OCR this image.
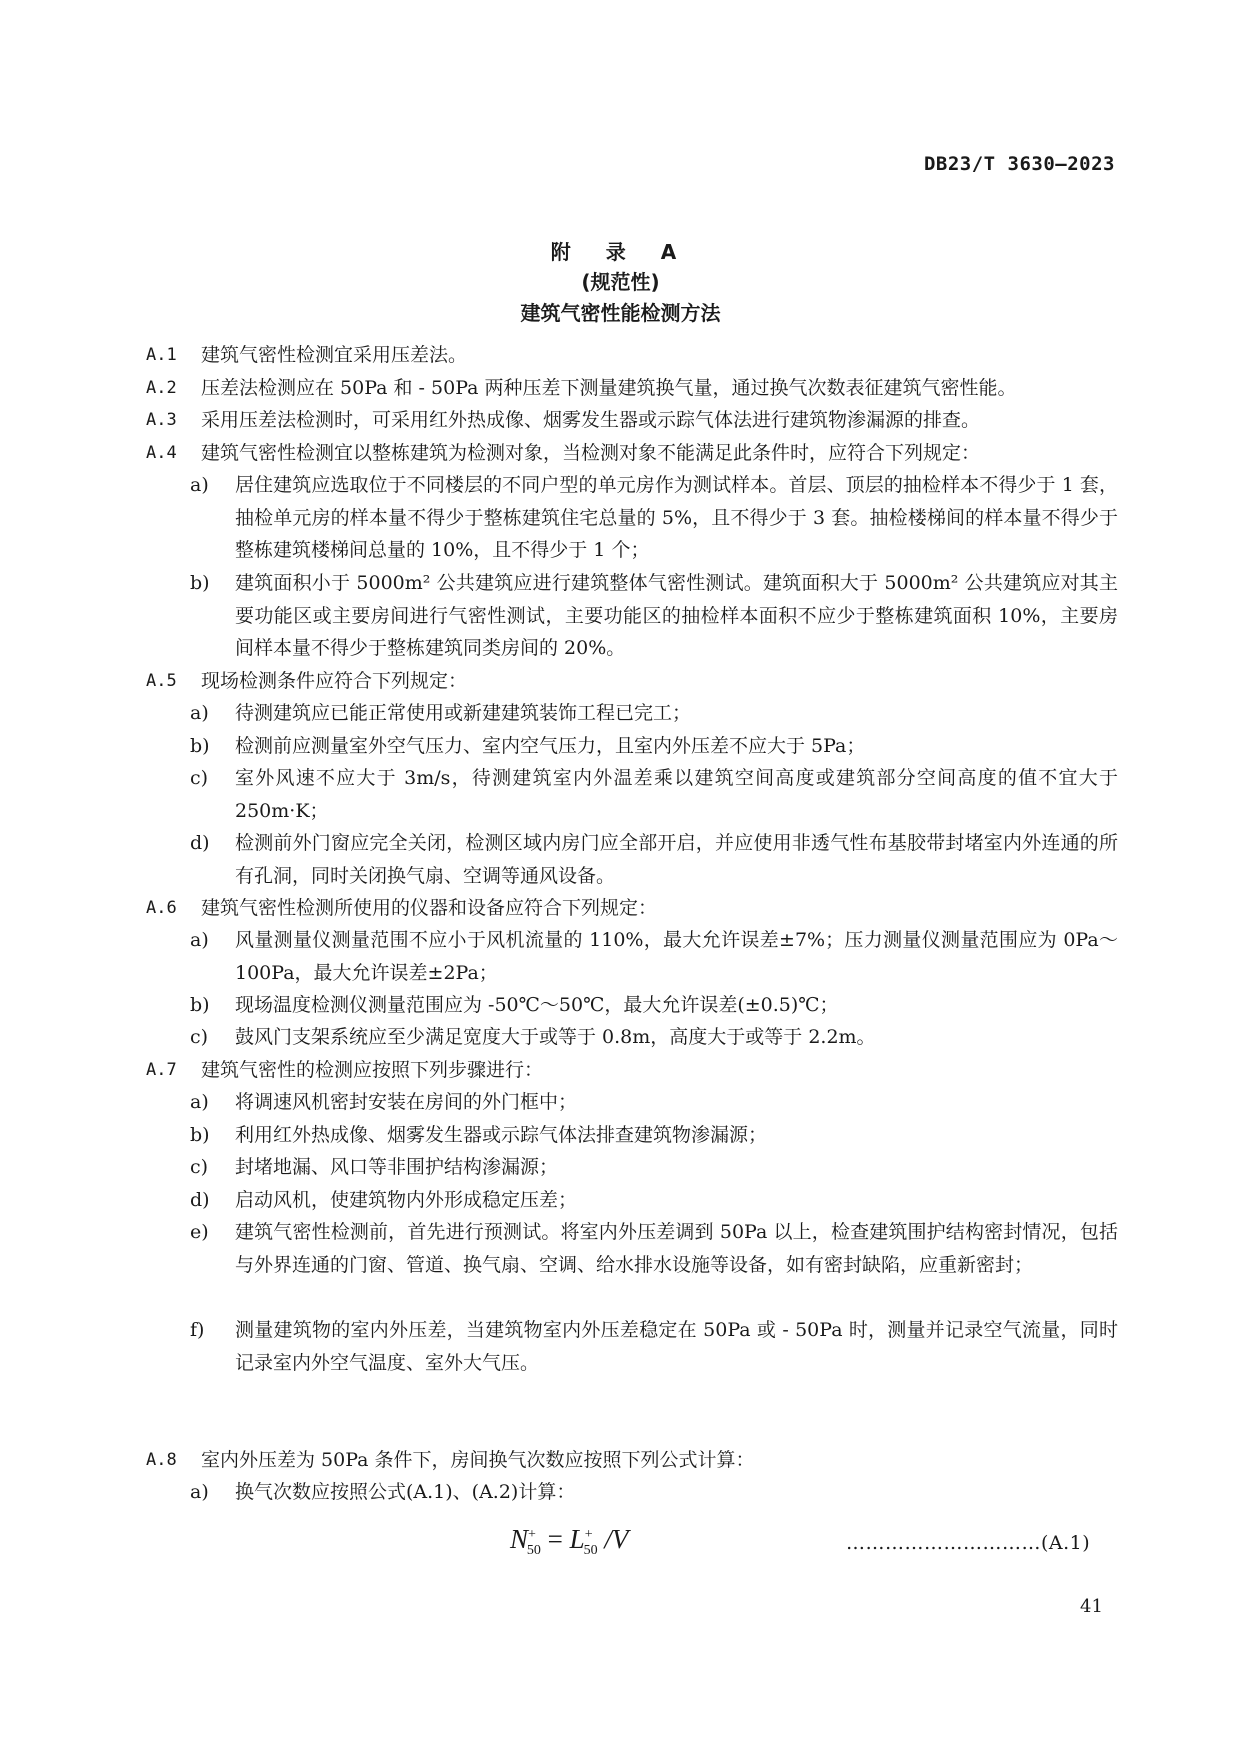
DB23/T 3630—2023
附 录 A
(规范性)
建筑气密性能检测方法
A.1 建筑气密性检测宜采用压差法。
A.2 压差法检测应在 50Pa 和 - 50Pa 两种压差下测量建筑换气量，通过换气次数表征建筑气密性能。
A.3 采用压差法检测时，可采用红外热成像、烟雾发生器或示踪气体法进行建筑物渗漏源的排查。
A.4 建筑气密性检测宜以整栋建筑为检测对象，当检测对象不能满足此条件时，应符合下列规定：
a) 居住建筑应选取位于不同楼层的不同户型的单元房作为测试样本。首层、顶层的抽检样本不得少于 1 套，抽检单元房的样本量不得少于整栋建筑住宅总量的 5%，且不得少于 3 套。抽检楼梯间的样本量不得少于整栋建筑楼梯间总量的 10%，且不得少于 1 个；
b) 建筑面积小于 5000m² 公共建筑应进行建筑整体气密性测试。建筑面积大于 5000m² 公共建筑应对其主要功能区或主要房间进行气密性测试，主要功能区的抽检样本面积不应少于整栋建筑面积 10%，主要房间样本量不得少于整栋建筑同类房间的 20%。
A.5 现场检测条件应符合下列规定：
a) 待测建筑应已能正常使用或新建建筑装饰工程已完工；
b) 检测前应测量室外空气压力、室内空气压力，且室内外压差不应大于 5Pa；
c) 室外风速不应大于 3m/s，待测建筑室内外温差乘以建筑空间高度或建筑部分空间高度的值不宜大于 250m·K；
d) 检测前外门窗应完全关闭，检测区域内房门应全部开启，并应使用非透气性布基胶带封堵室内外连通的所有孔洞，同时关闭换气扇、空调等通风设备。
A.6 建筑气密性检测所使用的仪器和设备应符合下列规定：
a) 风量测量仪测量范围不应小于风机流量的 110%，最大允许误差±7%；压力测量仪测量范围应为 0Pa～100Pa，最大允许误差±2Pa；
b) 现场温度检测仪测量范围应为 -50℃～50℃，最大允许误差(±0.5)℃；
c) 鼓风门支架系统应至少满足宽度大于或等于 0.8m，高度大于或等于 2.2m。
A.7 建筑气密性的检测应按照下列步骤进行：
a) 将调速风机密封安装在房间的外门框中；
b) 利用红外热成像、烟雾发生器或示踪气体法排查建筑物渗漏源；
c) 封堵地漏、风口等非围护结构渗漏源；
d) 启动风机，使建筑物内外形成稳定压差；
e) 建筑气密性检测前，首先进行预测试。将室内外压差调到 50Pa 以上，检查建筑围护结构密封情况，包括与外界连通的门窗、管道、换气扇、空调、给水排水设施等设备，如有密封缺陷，应重新密封；
f) 测量建筑物的室内外压差，当建筑物室内外压差稳定在 50Pa 或 - 50Pa 时，测量并记录空气流量，同时记录室内外空气温度、室外大气压。
A.8 室内外压差为 50Pa 条件下，房间换气次数应按照下列公式计算：
a) 换气次数应按照公式(A.1)、(A.2)计算：
$N^+_{50} = L^+_{50}$ /V	…………………………(A.1)
41
